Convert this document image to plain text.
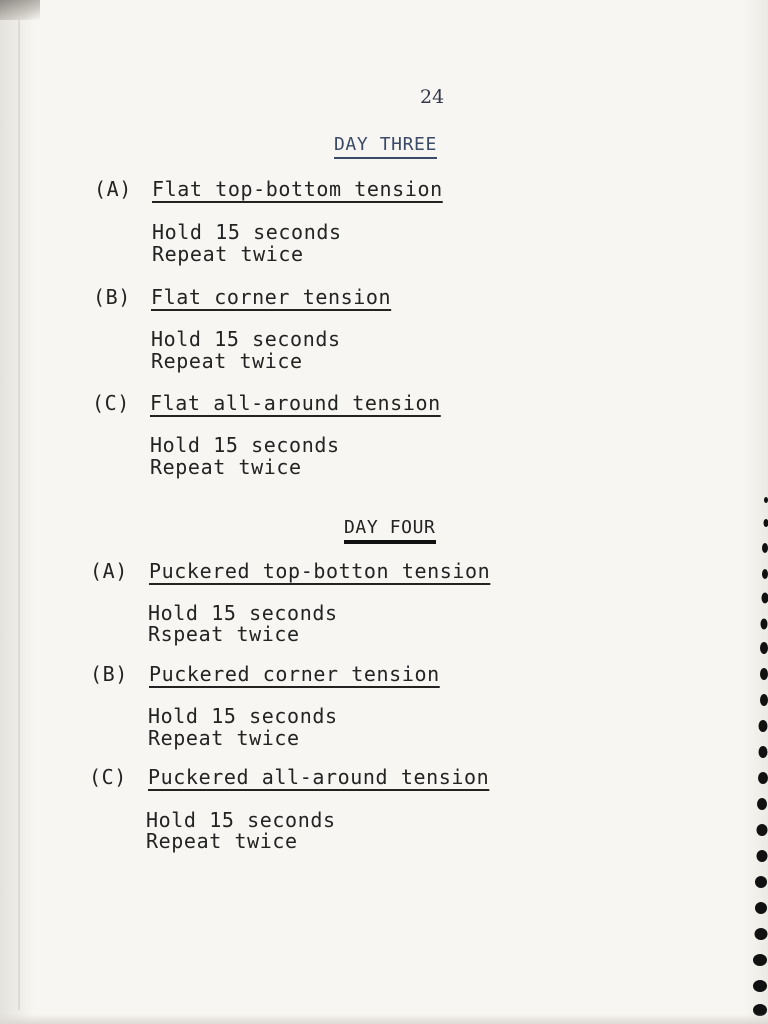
24
DAY THREE
(A) Flat top-bottom tension
Hold 15 seconds
Repeat twice
(B) Flat corner tension
Hold 15 seconds
Repeat twice
(C) Flat all-around tension
Hold 15 seconds
Repeat twice
DAY FOUR
(A) Puckered top-botton tension
Hold 15 seconds
Rspeat twice
(B) Puckered corner tension
Hold 15 seconds
Repeat twice
(C) Puckered all-around tension
Hold 15 seconds
Repeat twice
